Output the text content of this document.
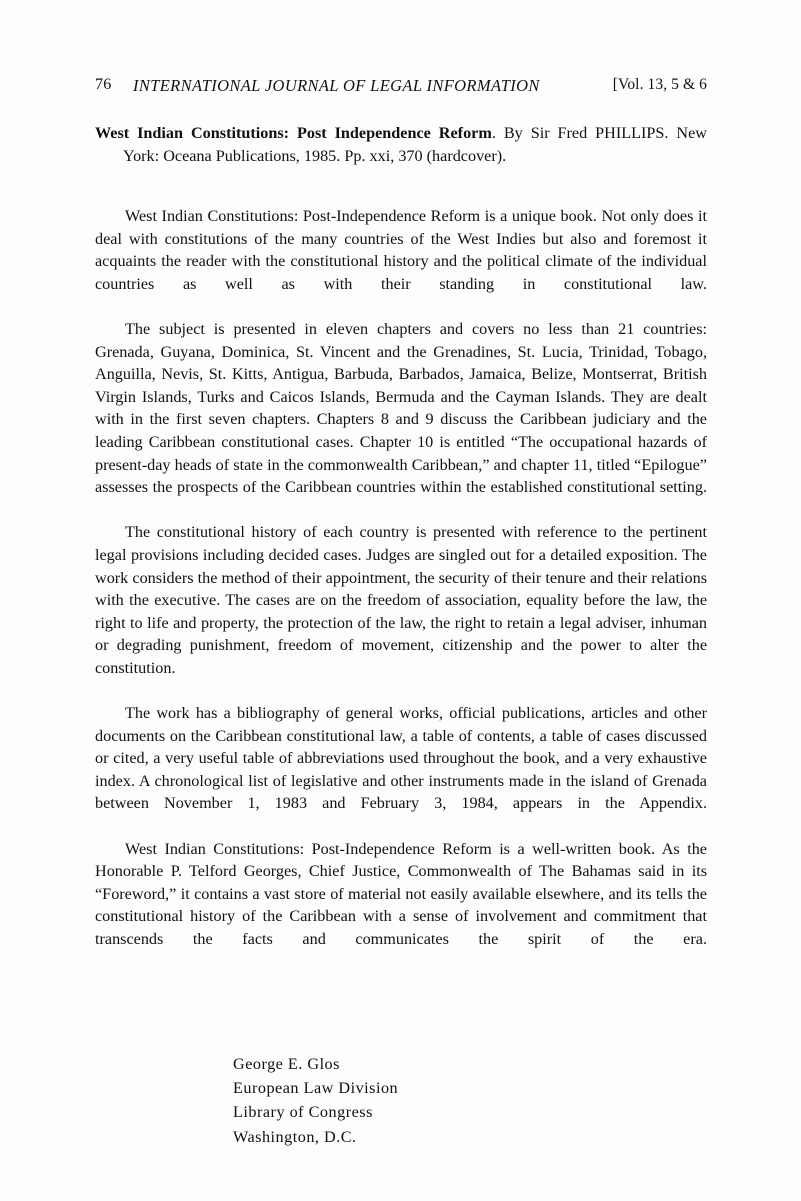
76 INTERNATIONAL JOURNAL OF LEGAL INFORMATION	[Vol. 13, 5 & 6
West Indian Constitutions: Post Independence Reform. By Sir Fred PHILLIPS. New York: Oceana Publications, 1985. Pp. xxi, 370 (hardcover).

West Indian Constitutions: Post-Independence Reform is a unique book. Not only does it deal with constitutions of the many countries of the West Indies but also and foremost it acquaints the reader with the constitutional history and the political climate of the individual countries as well as with their standing in constitutional law.

The subject is presented in eleven chapters and covers no less than 21 countries: Grenada, Guyana, Dominica, St. Vincent and the Grenadines, St. Lucia, Trinidad, Tobago, Anguilla, Nevis, St. Kitts, Antigua, Barbuda, Barbados, Jamaica, Belize, Montserrat, British Virgin Islands, Turks and Caicos Islands, Bermuda and the Cayman Islands. They are dealt with in the first seven chapters. Chapters 8 and 9 discuss the Caribbean judiciary and the leading Caribbean constitutional cases. Chapter 10 is entitled “The occupational hazards of present-day heads of state in the commonwealth Caribbean,” and chapter 11, titled “Epilogue” assesses the prospects of the Caribbean countries within the established constitutional setting.

The constitutional history of each country is presented with reference to the pertinent legal provisions including decided cases. Judges are singled out for a detailed exposition. The work considers the method of their appointment, the security of their tenure and their relations with the executive. The cases are on the freedom of association, equality before the law, the right to life and property, the protection of the law, the right to retain a legal adviser, inhuman or degrading punishment, freedom of movement, citizenship and the power to alter the constitution.

The work has a bibliography of general works, official publications, articles and other documents on the Caribbean constitutional law, a table of contents, a table of cases discussed or cited, a very useful table of abbreviations used throughout the book, and a very exhaustive index. A chronological list of legislative and other instruments made in the island of Grenada between November 1, 1983 and February 3, 1984, appears in the Appendix.

West Indian Constitutions: Post-Independence Reform is a well-written book. As the Honorable P. Telford Georges, Chief Justice, Commonwealth of The Bahamas said in its “Foreword,” it contains a vast store of material not easily available elsewhere, and its tells the constitutional history of the Caribbean with a sense of involvement and commitment that transcends the facts and communicates the spirit of the era.

George E. Glos
European Law Division
Library of Congress
Washington, D.C.
